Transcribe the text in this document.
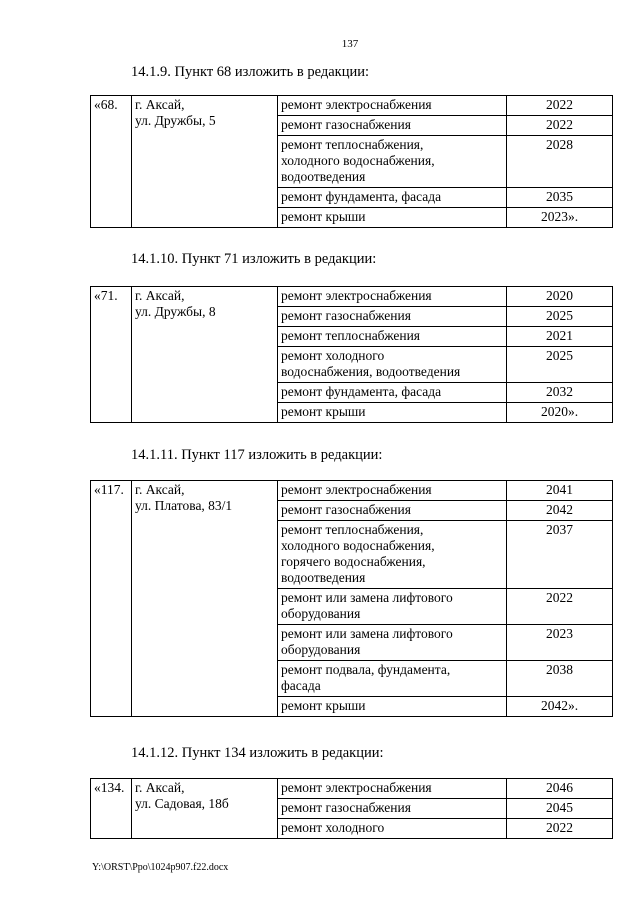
137
14.1.9. Пункт 68 изложить в редакции:
«68.	г. Аксай,
ул. Дружбы, 5	ремонт электроснабжения	2022

		ремонт газоснабжения	2022

		ремонт теплоснабжения,
холодного водоснабжения,
водоотведения	2028

		ремонт фундамента, фасада	2035

		ремонт крыши	2023».
14.1.10. Пункт 71 изложить в редакции:
«71.	г. Аксай,
ул. Дружбы, 8	ремонт электроснабжения	2020

		ремонт газоснабжения	2025

		ремонт теплоснабжения	2021

		ремонт холодного
водоснабжения, водоотведения	2025

		ремонт фундамента, фасада	2032

		ремонт крыши	2020».
14.1.11. Пункт 117 изложить в редакции:
«117.	г. Аксай,
ул. Платова, 83/1	ремонт электроснабжения	2041

		ремонт газоснабжения	2042

		ремонт теплоснабжения,
холодного водоснабжения,
горячего водоснабжения,
водоотведения	2037

		ремонт или замена лифтового
оборудования	2022

		ремонт или замена лифтового
оборудования	2023

		ремонт подвала, фундамента,
фасада	2038

		ремонт крыши	2042».
14.1.12. Пункт 134 изложить в редакции:
«134.	г. Аксай,
ул. Садовая, 18б	ремонт электроснабжения	2046

		ремонт газоснабжения	2045

		ремонт холодного	2022
Y:\ORST\Ppo\1024p907.f22.docx
